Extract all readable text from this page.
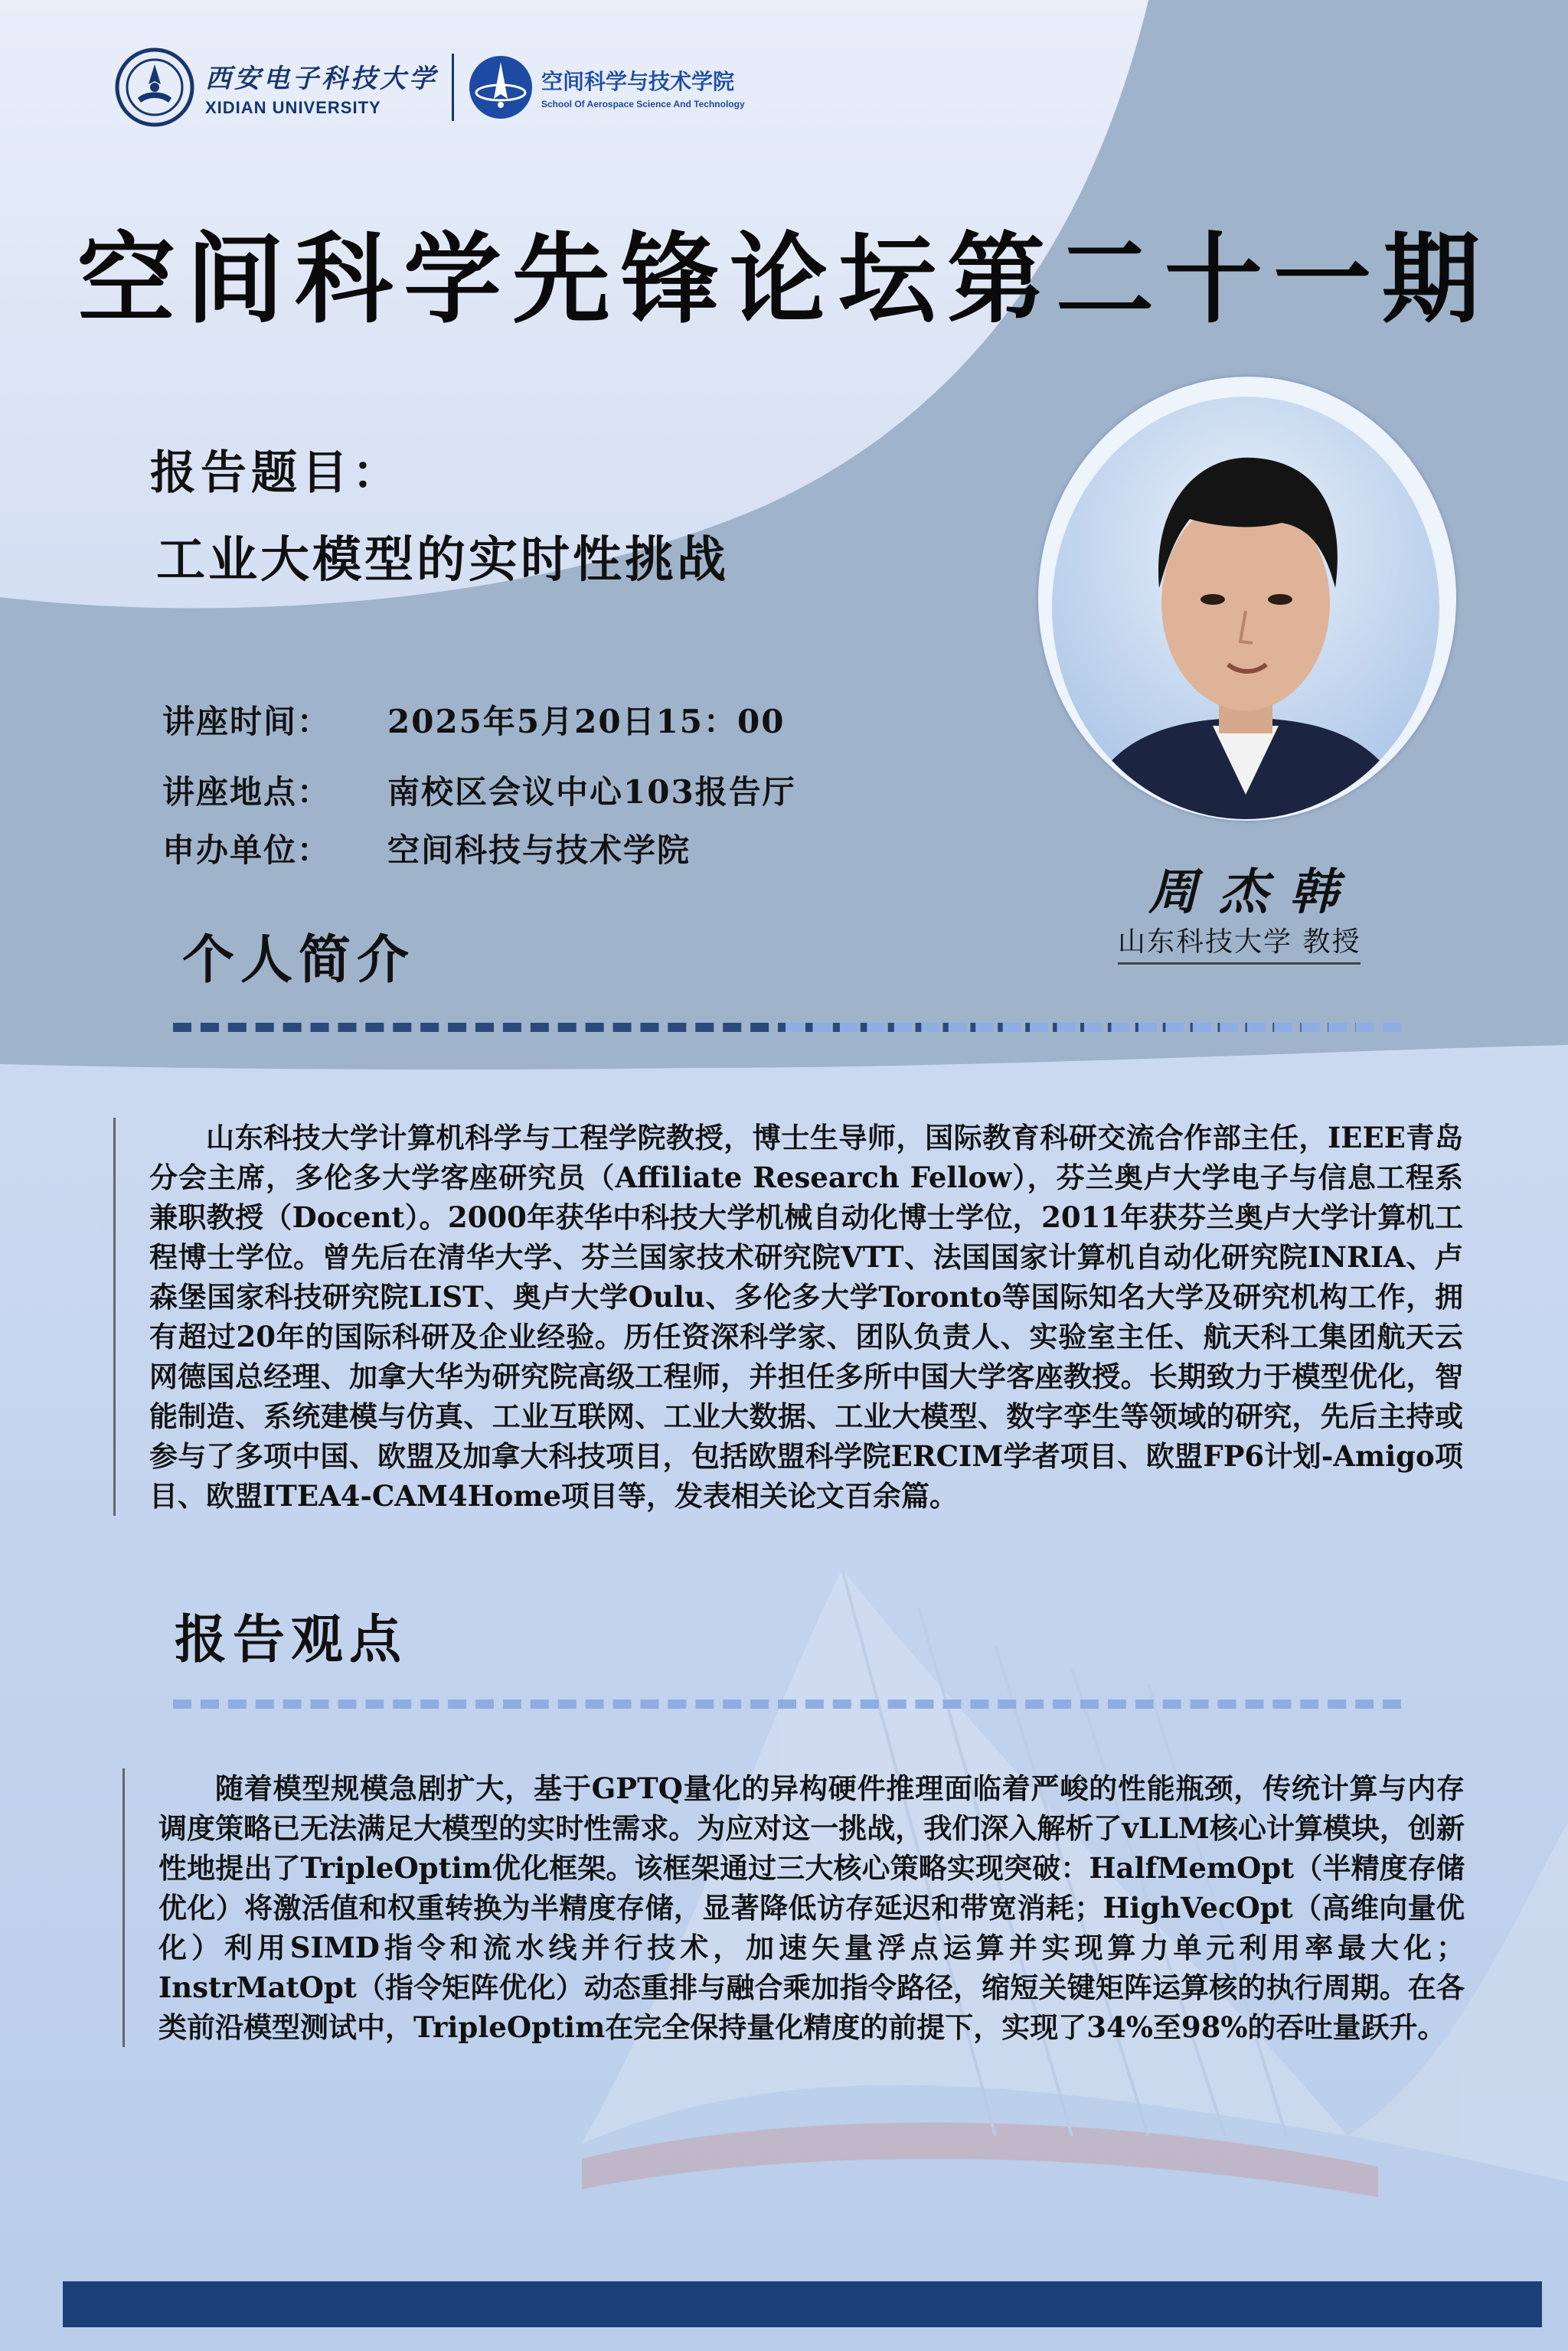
西安电子科技大学
XIDIAN UNIVERSITY
空间科学与技术学院
School Of Aerospace Science And Technology
空间科学先锋论坛第二十一期
报告题目：
工业大模型的实时性挑战
讲座时间： 2025年5月20日15：00
讲座地点： 南校区会议中心103报告厅
申办单位： 空间科技与技术学院
周杰韩
山东科技大学 教授
个人简介

山东科技大学计算机科学与工程学院教授，博士生导师，国际教育科研交流合作部主任，IEEE青岛分会主席，多伦多大学客座研究员（Affiliate Research Fellow），芬兰奥卢大学电子与信息工程系兼职教授（Docent）。2000年获华中科技大学机械自动化博士学位，2011年获芬兰奥卢大学计算机工程博士学位。曾先后在清华大学、芬兰国家技术研究院VTT、法国国家计算机自动化研究院INRIA、卢森堡国家科技研究院LIST、奥卢大学Oulu、多伦多大学Toronto等国际知名大学及研究机构工作，拥有超过20年的国际科研及企业经验。历任资深科学家、团队负责人、实验室主任、航天科工集团航天云网德国总经理、加拿大华为研究院高级工程师，并担任多所中国大学客座教授。长期致力于模型优化，智能制造、系统建模与仿真、工业互联网、工业大数据、工业大模型、数字孪生等领域的研究，先后主持或参与了多项中国、欧盟及加拿大科技项目，包括欧盟科学院ERCIM学者项目、欧盟FP6计划-Amigo项目、欧盟ITEA4-CAM4Home项目等，发表相关论文百余篇。

报告观点

随着模型规模急剧扩大，基于GPTQ量化的异构硬件推理面临着严峻的性能瓶颈，传统计算与内存调度策略已无法满足大模型的实时性需求。为应对这一挑战，我们深入解析了vLLM核心计算模块，创新性地提出了TripleOptim优化框架。该框架通过三大核心策略实现突破：HalfMemOpt（半精度存储优化）将激活值和权重转换为半精度存储，显著降低访存延迟和带宽消耗；HighVecOpt（高维向量优化）利用SIMD指令和流水线并行技术，加速矢量浮点运算并实现算力单元利用率最大化；InstrMatOpt（指令矩阵优化）动态重排与融合乘加指令路径，缩短关键矩阵运算核的执行周期。在各类前沿模型测试中，TripleOptim在完全保持量化精度的前提下，实现了34%至98%的吞吐量跃升。
